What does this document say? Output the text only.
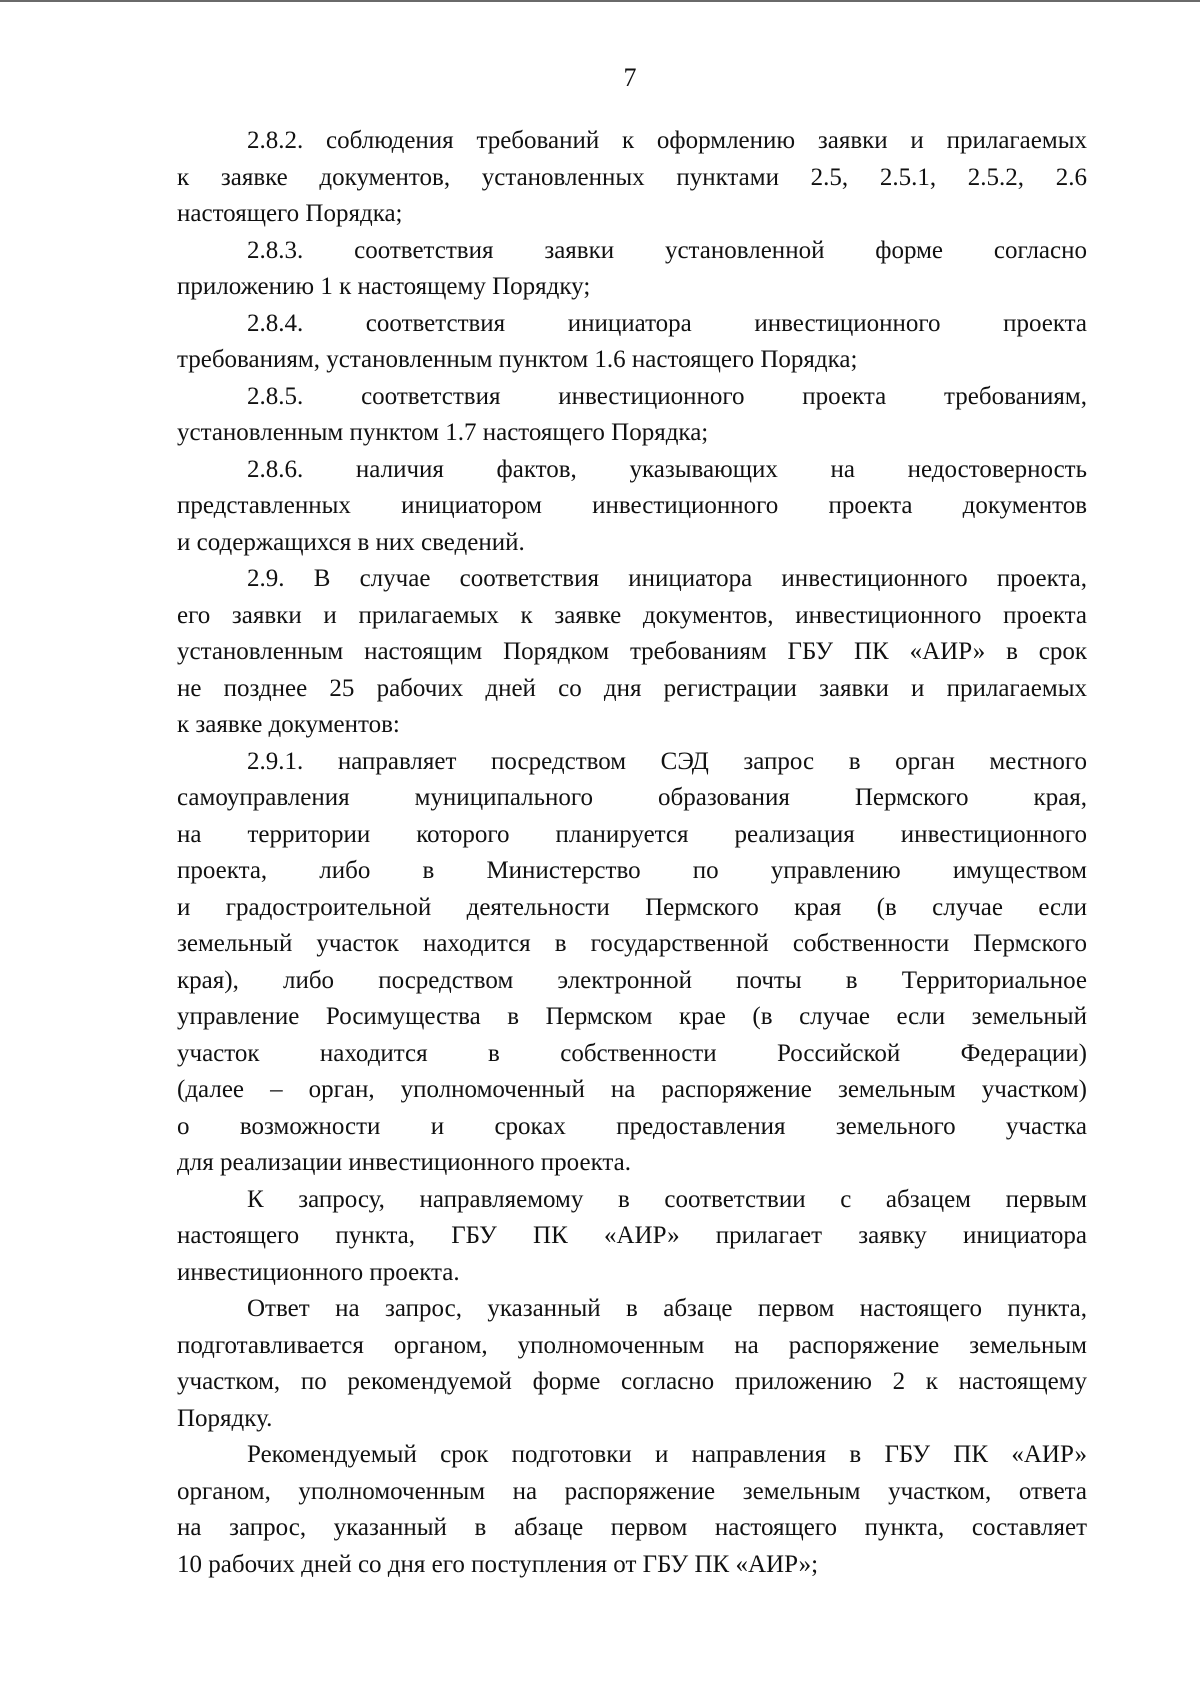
7
2.8.2. соблюдения требований к оформлению заявки и прилагаемых
к заявке документов, установленных пунктами 2.5, 2.5.1, 2.5.2, 2.6
настоящего Порядка;
2.8.3. соответствия заявки установленной форме согласно
приложению 1 к настоящему Порядку;
2.8.4. соответствия инициатора инвестиционного проекта
требованиям, установленным пунктом 1.6 настоящего Порядка;
2.8.5. соответствия инвестиционного проекта требованиям,
установленным пунктом 1.7 настоящего Порядка;
2.8.6. наличия фактов, указывающих на недостоверность
представленных инициатором инвестиционного проекта документов
и содержащихся в них сведений.
2.9. В случае соответствия инициатора инвестиционного проекта,
его заявки и прилагаемых к заявке документов, инвестиционного проекта
установленным настоящим Порядком требованиям ГБУ ПК «АИР» в срок
не позднее 25 рабочих дней со дня регистрации заявки и прилагаемых
к заявке документов:
2.9.1. направляет посредством СЭД запрос в орган местного
самоуправления муниципального образования Пермского края,
на территории которого планируется реализация инвестиционного
проекта, либо в Министерство по управлению имуществом
и градостроительной деятельности Пермского края (в случае если
земельный участок находится в государственной собственности Пермского
края), либо посредством электронной почты в Территориальное
управление Росимущества в Пермском крае (в случае если земельный
участок находится в собственности Российской Федерации)
(далее – орган, уполномоченный на распоряжение земельным участком)
о возможности и сроках предоставления земельного участка
для реализации инвестиционного проекта.
К запросу, направляемому в соответствии с абзацем первым
настоящего пункта, ГБУ ПК «АИР» прилагает заявку инициатора
инвестиционного проекта.
Ответ на запрос, указанный в абзаце первом настоящего пункта,
подготавливается органом, уполномоченным на распоряжение земельным
участком, по рекомендуемой форме согласно приложению 2 к настоящему
Порядку.
Рекомендуемый срок подготовки и направления в ГБУ ПК «АИР»
органом, уполномоченным на распоряжение земельным участком, ответа
на запрос, указанный в абзаце первом настоящего пункта, составляет
10 рабочих дней со дня его поступления от ГБУ ПК «АИР»;
